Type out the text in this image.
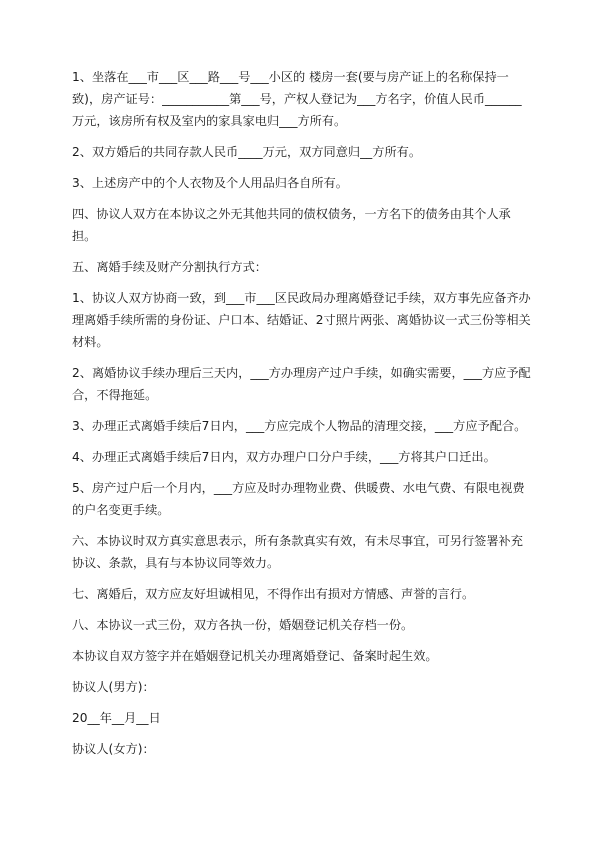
1、坐落在___市___区___路___号___小区的 楼房一套(要与房产证上的名称保持一致)，房产证号：___________第___号，产权人登记为___方名字，价值人民币______万元，该房所有权及室内的家具家电归___方所有。

2、双方婚后的共同存款人民币____万元，双方同意归__方所有。

3、上述房产中的个人衣物及个人用品归各自所有。

四、协议人双方在本协议之外无其他共同的债权债务，一方名下的债务由其个人承担。

五、离婚手续及财产分割执行方式：

1、协议人双方协商一致，到___市___区民政局办理离婚登记手续，双方事先应备齐办理离婚手续所需的身份证、户口本、结婚证、2寸照片两张、离婚协议一式三份等相关材料。

2、离婚协议手续办理后三天内，___方办理房产过户手续，如确实需要，___方应予配合，不得拖延。

3、办理正式离婚手续后7日内，___方应完成个人物品的清理交接，___方应予配合。

4、办理正式离婚手续后7日内，双方办理户口分户手续，___方将其户口迁出。

5、房产过户后一个月内，___方应及时办理物业费、供暖费、水电气费、有限电视费的户名变更手续。

六、本协议时双方真实意思表示，所有条款真实有效，有未尽事宜，可另行签署补充协议、条款，具有与本协议同等效力。

七、离婚后，双方应友好坦诚相见，不得作出有损对方情感、声誉的言行。

八、本协议一式三份，双方各执一份，婚姻登记机关存档一份。

本协议自双方签字并在婚姻登记机关办理离婚登记、备案时起生效。

协议人(男方)：

20__年__月__日

协议人(女方)：
